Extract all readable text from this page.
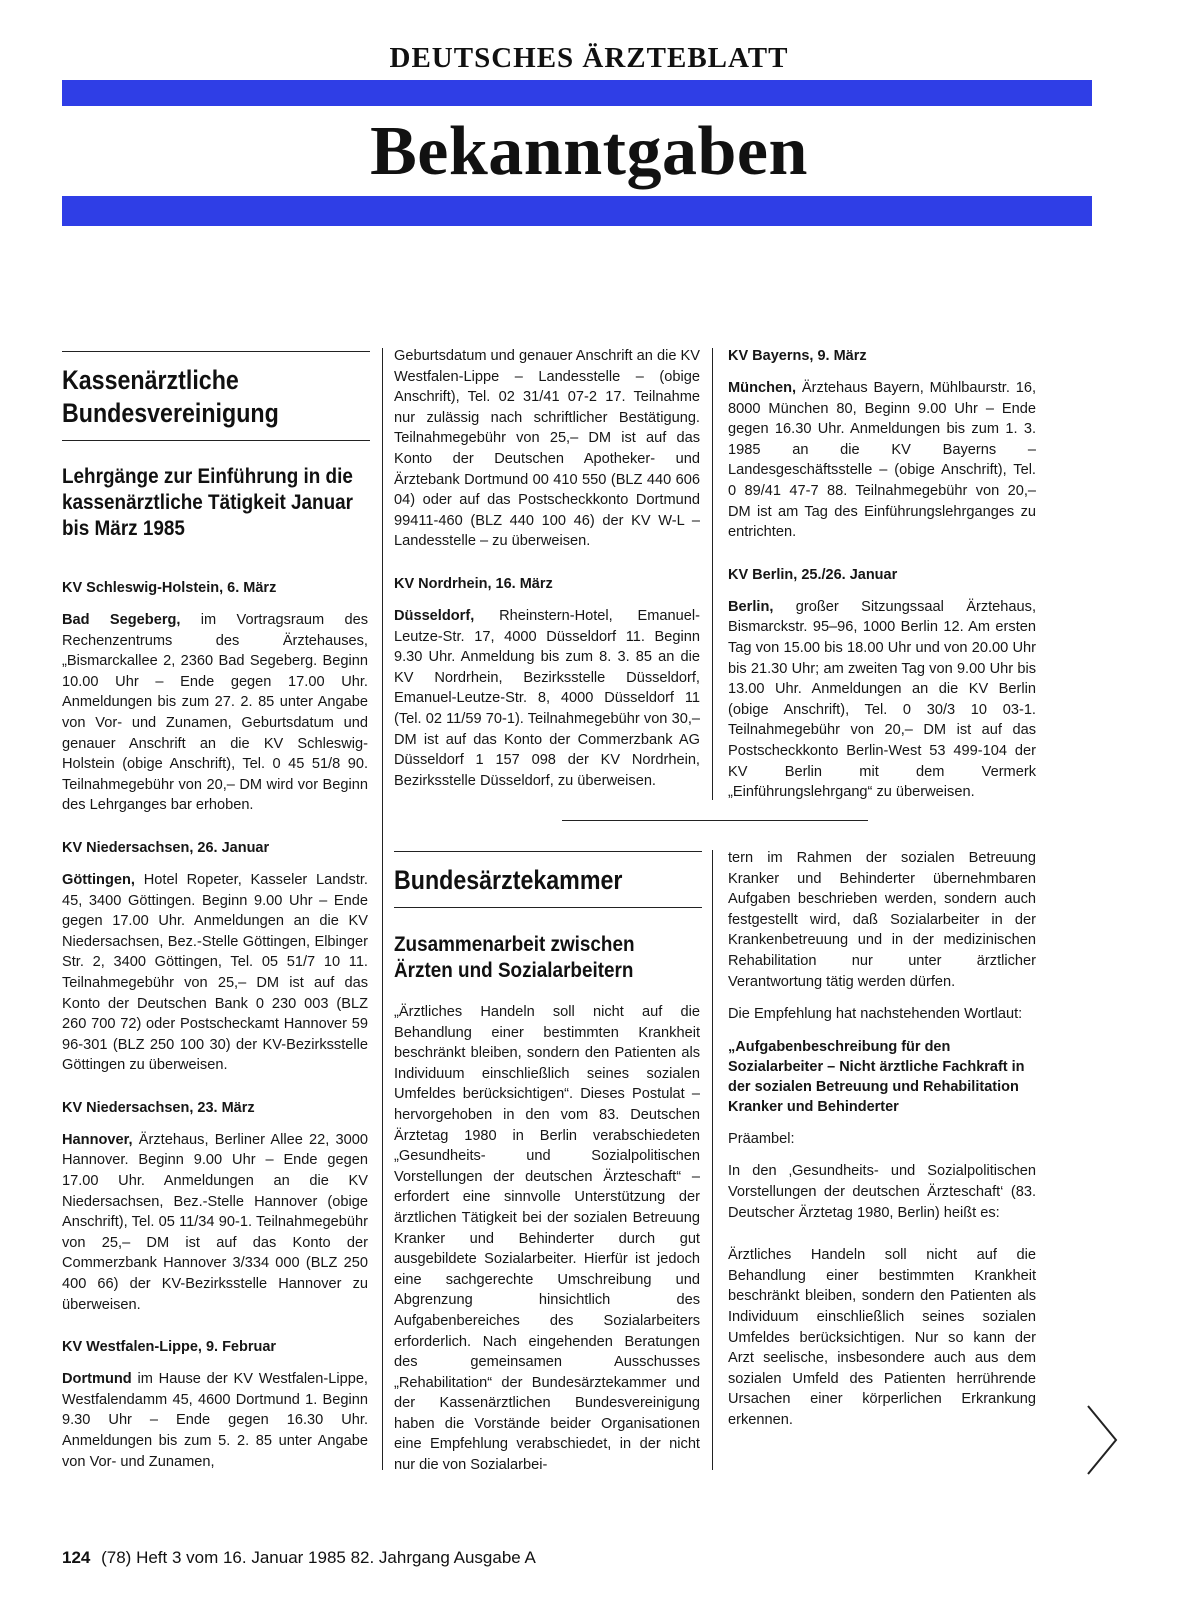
DEUTSCHES ÄRZTEBLATT
Bekanntgaben
Kassenärztliche Bundesvereinigung
Lehrgänge zur Einführung in die kassenärztliche Tätigkeit Januar bis März 1985

KV Schleswig-Holstein, 6. März

Bad Segeberg, im Vortragsraum des Rechenzentrums des Ärztehauses, „Bismarckallee 2, 2360 Bad Segeberg. Beginn 10.00 Uhr – Ende gegen 17.00 Uhr. Anmeldungen bis zum 27. 2. 85 unter Angabe von Vor- und Zunamen, Geburtsdatum und genauer Anschrift an die KV Schleswig-Holstein (obige Anschrift), Tel. 0 45 51/8 90. Teilnahmegebühr von 20,– DM wird vor Beginn des Lehrganges bar erhoben.

KV Niedersachsen, 26. Januar

Göttingen, Hotel Ropeter, Kasseler Landstr. 45, 3400 Göttingen. Beginn 9.00 Uhr – Ende gegen 17.00 Uhr. Anmeldungen an die KV Niedersachsen, Bez.-Stelle Göttingen, Elbinger Str. 2, 3400 Göttingen, Tel. 05 51/7 10 11. Teilnahmegebühr von 25,– DM ist auf das Konto der Deutschen Bank 0 230 003 (BLZ 260 700 72) oder Postscheckamt Hannover 59 96-301 (BLZ 250 100 30) der KV-Bezirksstelle Göttingen zu überweisen.

KV Niedersachsen, 23. März

Hannover, Ärztehaus, Berliner Allee 22, 3000 Hannover. Beginn 9.00 Uhr – Ende gegen 17.00 Uhr. Anmeldungen an die KV Niedersachsen, Bez.-Stelle Hannover (obige Anschrift), Tel. 05 11/34 90-1. Teilnahmegebühr von 25,– DM ist auf das Konto der Commerzbank Hannover 3/334 000 (BLZ 250 400 66) der KV-Bezirksstelle Hannover zu überweisen.

KV Westfalen-Lippe, 9. Februar

Dortmund im Hause der KV Westfalen-Lippe, Westfalendamm 45, 4600 Dortmund 1. Beginn 9.30 Uhr – Ende gegen 16.30 Uhr. Anmeldungen bis zum 5. 2. 85 unter Angabe von Vor- und Zunamen,

Geburtsdatum und genauer Anschrift an die KV Westfalen-Lippe – Landesstelle – (obige Anschrift), Tel. 02 31/41 07-2 17. Teilnahme nur zulässig nach schriftlicher Bestätigung. Teilnahmegebühr von 25,– DM ist auf das Konto der Deutschen Apotheker- und Ärztebank Dortmund 00 410 550 (BLZ 440 606 04) oder auf das Postscheckkonto Dortmund 99411-460 (BLZ 440 100 46) der KV W-L – Landesstelle – zu überweisen.

KV Nordrhein, 16. März

Düsseldorf, Rheinstern-Hotel, Emanuel-Leutze-Str. 17, 4000 Düsseldorf 11. Beginn 9.30 Uhr. Anmeldung bis zum 8. 3. 85 an die KV Nordrhein, Bezirksstelle Düsseldorf, Emanuel-Leutze-Str. 8, 4000 Düsseldorf 11 (Tel. 02 11/59 70-1). Teilnahmegebühr von 30,– DM ist auf das Konto der Commerzbank AG Düsseldorf 1 157 098 der KV Nordrhein, Bezirksstelle Düsseldorf, zu überweisen.

KV Bayerns, 9. März

München, Ärztehaus Bayern, Mühlbaurstr. 16, 8000 München 80, Beginn 9.00 Uhr – Ende gegen 16.30 Uhr. Anmeldungen bis zum 1. 3. 1985 an die KV Bayerns – Landesgeschäftsstelle – (obige Anschrift), Tel. 0 89/41 47-7 88. Teilnahmegebühr von 20,– DM ist am Tag des Einführungslehrganges zu entrichten.

KV Berlin, 25./26. Januar

Berlin, großer Sitzungssaal Ärztehaus, Bismarckstr. 95–96, 1000 Berlin 12. Am ersten Tag von 15.00 bis 18.00 Uhr und von 20.00 Uhr bis 21.30 Uhr; am zweiten Tag von 9.00 Uhr bis 13.00 Uhr. Anmeldungen an die KV Berlin (obige Anschrift), Tel. 0 30/3 10 03-1. Teilnahmegebühr von 20,– DM ist auf das Postscheckkonto Berlin-West 53 499-104 der KV Berlin mit dem Vermerk „Einführungslehrgang“ zu überweisen.

Bundesärztekammer
Zusammenarbeit zwischen Ärzten und Sozialarbeitern

„Ärztliches Handeln soll nicht auf die Behandlung einer bestimmten Krankheit beschränkt bleiben, sondern den Patienten als Individuum einschließlich seines sozialen Umfeldes berücksichtigen“. Dieses Postulat – hervorgehoben in den vom 83. Deutschen Ärztetag 1980 in Berlin verabschiedeten „Gesundheits- und Sozialpolitischen Vorstellungen der deutschen Ärzteschaft“ – erfordert eine sinnvolle Unterstützung der ärztlichen Tätigkeit bei der sozialen Betreuung Kranker und Behinderter durch gut ausgebildete Sozialarbeiter. Hierfür ist jedoch eine sachgerechte Umschreibung und Abgrenzung hinsichtlich des Aufgabenbereiches des Sozialarbeiters erforderlich. Nach eingehenden Beratungen des gemeinsamen Ausschusses „Rehabilitation“ der Bundesärztekammer und der Kassenärztlichen Bundesvereinigung haben die Vorstände beider Organisationen eine Empfehlung verabschiedet, in der nicht nur die von Sozialarbei-

tern im Rahmen der sozialen Betreuung Kranker und Behinderter übernehmbaren Aufgaben beschrieben werden, sondern auch festgestellt wird, daß Sozialarbeiter in der Krankenbetreuung und in der medizinischen Rehabilitation nur unter ärztlicher Verantwortung tätig werden dürfen.

Die Empfehlung hat nachstehenden Wortlaut:

„Aufgabenbeschreibung für den Sozialarbeiter – Nicht ärztliche Fachkraft in der sozialen Betreuung und Rehabilitation Kranker und Behinderter

Präambel:

In den ‚Gesundheits- und Sozialpolitischen Vorstellungen der deutschen Ärzteschaft‘ (83. Deutscher Ärztetag 1980, Berlin) heißt es:

Ärztliches Handeln soll nicht auf die Behandlung einer bestimmten Krankheit beschränkt bleiben, sondern den Patienten als Individuum einschließlich seines sozialen Umfeldes berücksichtigen. Nur so kann der Arzt seelische, insbesondere auch aus dem sozialen Umfeld des Patienten herrührende Ursachen einer körperlichen Erkrankung erkennen.

124 (78) Heft 3 vom 16. Januar 1985 82. Jahrgang Ausgabe A
